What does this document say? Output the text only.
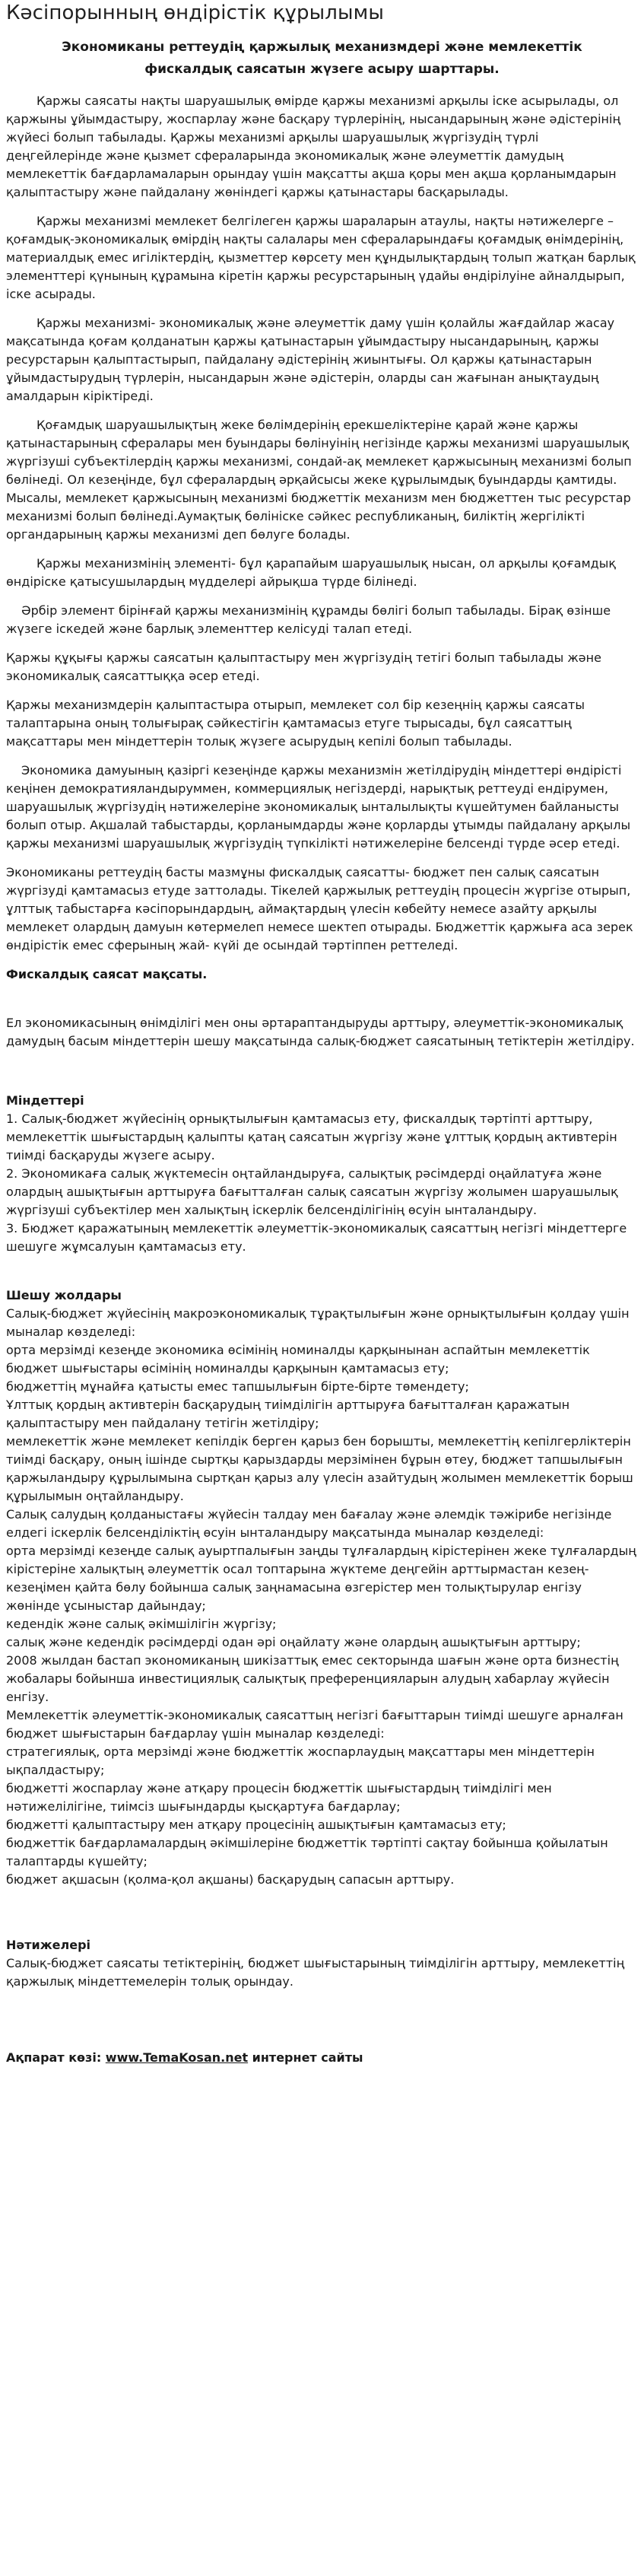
Кәсіпорынның өндірістік құрылымы
Экономиканы реттеудің қаржылық механизмдері және мемлекеттік фискалдық саясатын жүзеге асыру шарттары.

Қаржы саясаты нақты шаруашылық өмірде қаржы механизмі арқылы іске асырылады, ол қаржыны ұйымдастыру, жоспарлау және басқару түрлерінің, нысандарының және әдістерінің жүйесі болып табылады. Қаржы механизмі арқылы шаруашылық жүргізудің түрлі деңгейлерінде және қызмет сфераларында экономикалық және әлеуметтік дамудың мемлекеттік бағдарламаларын орындау үшін мақсатты ақша қоры мен ақша қорланымдарын қалыптастыру және пайдалану жөніндегі қаржы қатынастары басқарылады.

Қаржы механизмі мемлекет белгілеген қаржы шараларын атаулы, нақты нәтижелерге – қоғамдық-экономикалық өмірдің нақты салалары мен сфераларындағы қоғамдық өнімдерінің, материалдық емес игіліктердің, қызметтер көрсету мен құндылықтардың толып жатқан барлық элементтері қүнының құрамына кіретін қаржы ресурстарының үдайы өндірілуіне айналдырып, іске асырады.

Қаржы механизмі- экономикалық және әлеуметтік даму үшін қолайлы жағдайлар жасау мақсатында қоғам қолданатын қаржы қатынастарын ұйымдастыру нысандарының, қаржы ресурстарын қалыптастырып, пайдалану әдістерінің жиынтығы. Ол қаржы қатынастарын ұйымдастырудың түрлерін, нысандарын және әдістерін, оларды сан жағынан анықтаудың амалдарын кіріктіреді.

Қоғамдық шаруашылықтың жеке бөлімдерінің ерекшеліктеріне қарай және қаржы қатынастарының сфералары мен буындары бөлінуінің негізінде қаржы механизмі шаруашылық жүргізуші субъектілердің қаржы механизмі, сондай-ақ мемлекет қаржысының механизмі болып бөлінеді. Ол кезеңінде, бұл сфералардың әрқайсысы жеке құрылымдық буындарды қамтиды. Мысалы, мемлекет қаржысының механизмі бюджеттік механизм мен бюджеттен тыс ресурстар механизмі болып бөлінеді.Аумақтық бөлініске сәйкес республиканың, биліктің жергілікті органдарының қаржы механизмі деп бөлуге болады.

Қаржы механизмінің элементі- бұл қарапайым шаруашылық нысан, ол арқылы қоғамдық өндіріске қатысушылардың мүдделері айрықша түрде білінеді.

Әрбір элемент бірінғай қаржы механизмінің құрамды бөлігі болып табылады. Бірақ өзінше жүзеге іскедей және барлық элементтер келісуді талап етеді.

Қаржы құқығы қаржы саясатын қалыптастыру мен жүргізудің тетігі болып табылады және экономикалық саясаттыққа әсер етеді.

Қаржы механизмдерін қалыптастыра отырып, мемлекет сол бір кезеңнің қаржы саясаты талаптарына оның толығырақ сәйкестігін қамтамасыз етуге тырысады, бұл саясаттың мақсаттары мен міндеттерін толық жүзеге асырудың кепілі болып табылады.

Экономика дамуының қазіргі кезеңінде қаржы механизмін жетілдірудің міндеттері өндірісті кеңінен демократияландыруммен, коммерциялық негіздерді, нарықтық реттеуді ендірумен, шаруашылық жүргізудің нәтижелеріне экономикалық ынталылықты күшейтумен байланысты болып отыр. Ақшалай табыстарды, қорланымдарды және қорларды ұтымды пайдалану арқылы қаржы механизмі шаруашылық жүргізудің түпкілікті нәтижелеріне белсенді түрде әсер етеді.

Экономиканы реттеудің басты мазмұны фискалдық саясатты- бюджет пен салық саясатын жүргізуді қамтамасыз етуде заттолады. Тікелей қаржылық реттеудің процесін жүргізе отырып, ұлттық табыстарға кәсіпорындардың, аймақтардың үлесін көбейту немесе азайту арқылы мемлекет олардың дамуын көтермелеп немесе шектеп отырады. Бюджеттік қаржыға аса зерек өндірістік емес сферының жай- күйі де осындай тәртіппен реттеледі.

Фискалдық саясат мақсаты.

Ел экономикасының өнімділігі мен оны әртараптандыруды арттыру, әлеуметтік-экономикалық дамудың басым міндеттерін шешу мақсатында салық-бюджет саясатының тетіктерін жетілдіру.

Міндеттері

1. Салық-бюджет жүйесінің орнықтылығын қамтамасыз ету, фискалдық тәртіпті арттыру, мемлекеттік шығыстардың қалыпты қатаң саясатын жүргізу және ұлттық қордың активтерін тиімді басқаруды жүзеге асыру.

2. Экономикаға салық жүктемесін оңтайландыруға, салықтық рәсімдерді оңайлатуға және олардың ашықтығын арттыруға бағытталған салық саясатын жүргізу жолымен шаруашылық жүргізуші субъектілер мен халықтың іскерлік белсенділігінің өсуін ынталандыру.

3. Бюджет қаражатының мемлекеттік әлеуметтік-экономикалық саясаттың негізгі міндеттерге шешуге жұмсалуын қамтамасыз ету.

Шешу жолдары

Салық-бюджет жүйесінің макроэкономикалық тұрақтылығын және орнықтылығын қолдау үшін мыналар көзделеді:

орта мерзімді кезеңде экономика өсімінің номиналды қарқынынан аспайтын мемлекеттік бюджет шығыстары өсімінің номиналды қарқынын қамтамасыз ету;

бюджеттің мұнайға қатысты емес тапшылығын бірте-бірте төмендету;

Ұлттық қордың активтерін басқарудың тиімділігін арттыруға бағытталған қаражатын қалыптастыру мен пайдалану тетігін жетілдіру;

мемлекеттік және мемлекет кепілдік берген қарыз бен борышты, мемлекеттің кепілгерліктерін тиімді басқару, оның ішінде сыртқы қарыздарды мерзімінен бұрын өтеу, бюджет тапшылығын қаржыландыру құрылымына сыртқан қарыз алу үлесін азайтудың жолымен мемлекеттік борыш құрылымын оңтайландыру.

Салық салудың қолданыстағы жүйесін талдау мен бағалау және әлемдік тәжірибе негізінде елдегі іскерлік белсенділіктің өсуін ынталандыру мақсатында мыналар көзделеді:

орта мерзімді кезеңде салық ауыртпалығын заңды тұлғалардың кірістерінен жеке тұлғалардың кірістеріне халықтың әлеуметтік осал топтарына жүктеме деңгейін арттырмастан кезең-кезеңімен қайта бөлу бойынша салық заңнамасына өзгерістер мен толықтырулар енгізу жөнінде ұсыныстар дайындау;

кедендік және салық әкімшілігін жүргізу;

салық және кедендік рәсімдерді одан әрі оңайлату және олардың ашықтығын арттыру;

2008 жылдан бастап экономиканың шикізаттық емес секторында шағын және орта бизнестің жобалары бойынша инвестициялық салықтық преференцияларын алудың хабарлау жүйесін енгізу.

Мемлекеттік әлеуметтік-экономикалық саясаттың негізгі бағыттарын тиімді шешуге арналған бюджет шығыстарын бағдарлау үшін мыналар көзделеді:

стратегиялық, орта мерзімді және бюджеттік жоспарлаудың мақсаттары мен міндеттерін ықпалдастыру;

бюджетті жоспарлау және атқару процесін бюджеттік шығыстардың тиімділігі мен нәтижелілігіне, тиімсіз шығындарды қысқартуға бағдарлау;

бюджетті қалыптастыру мен атқару процесінің ашықтығын қамтамасыз ету;

бюджеттік бағдарламалардың әкімшілеріне бюджеттік тәртіпті сақтау бойынша қойылатын талаптарды күшейту;

бюджет ақшасын (қолма-қол ақшаны) басқарудың сапасын арттыру.

Нәтижелері

Салық-бюджет саясаты тетіктерінің, бюджет шығыстарының тиімділігін арттыру, мемлекеттің қаржылық міндеттемелерін толық орындау.

Ақпарат көзі: www.TemaKosan.net интернет сайты
